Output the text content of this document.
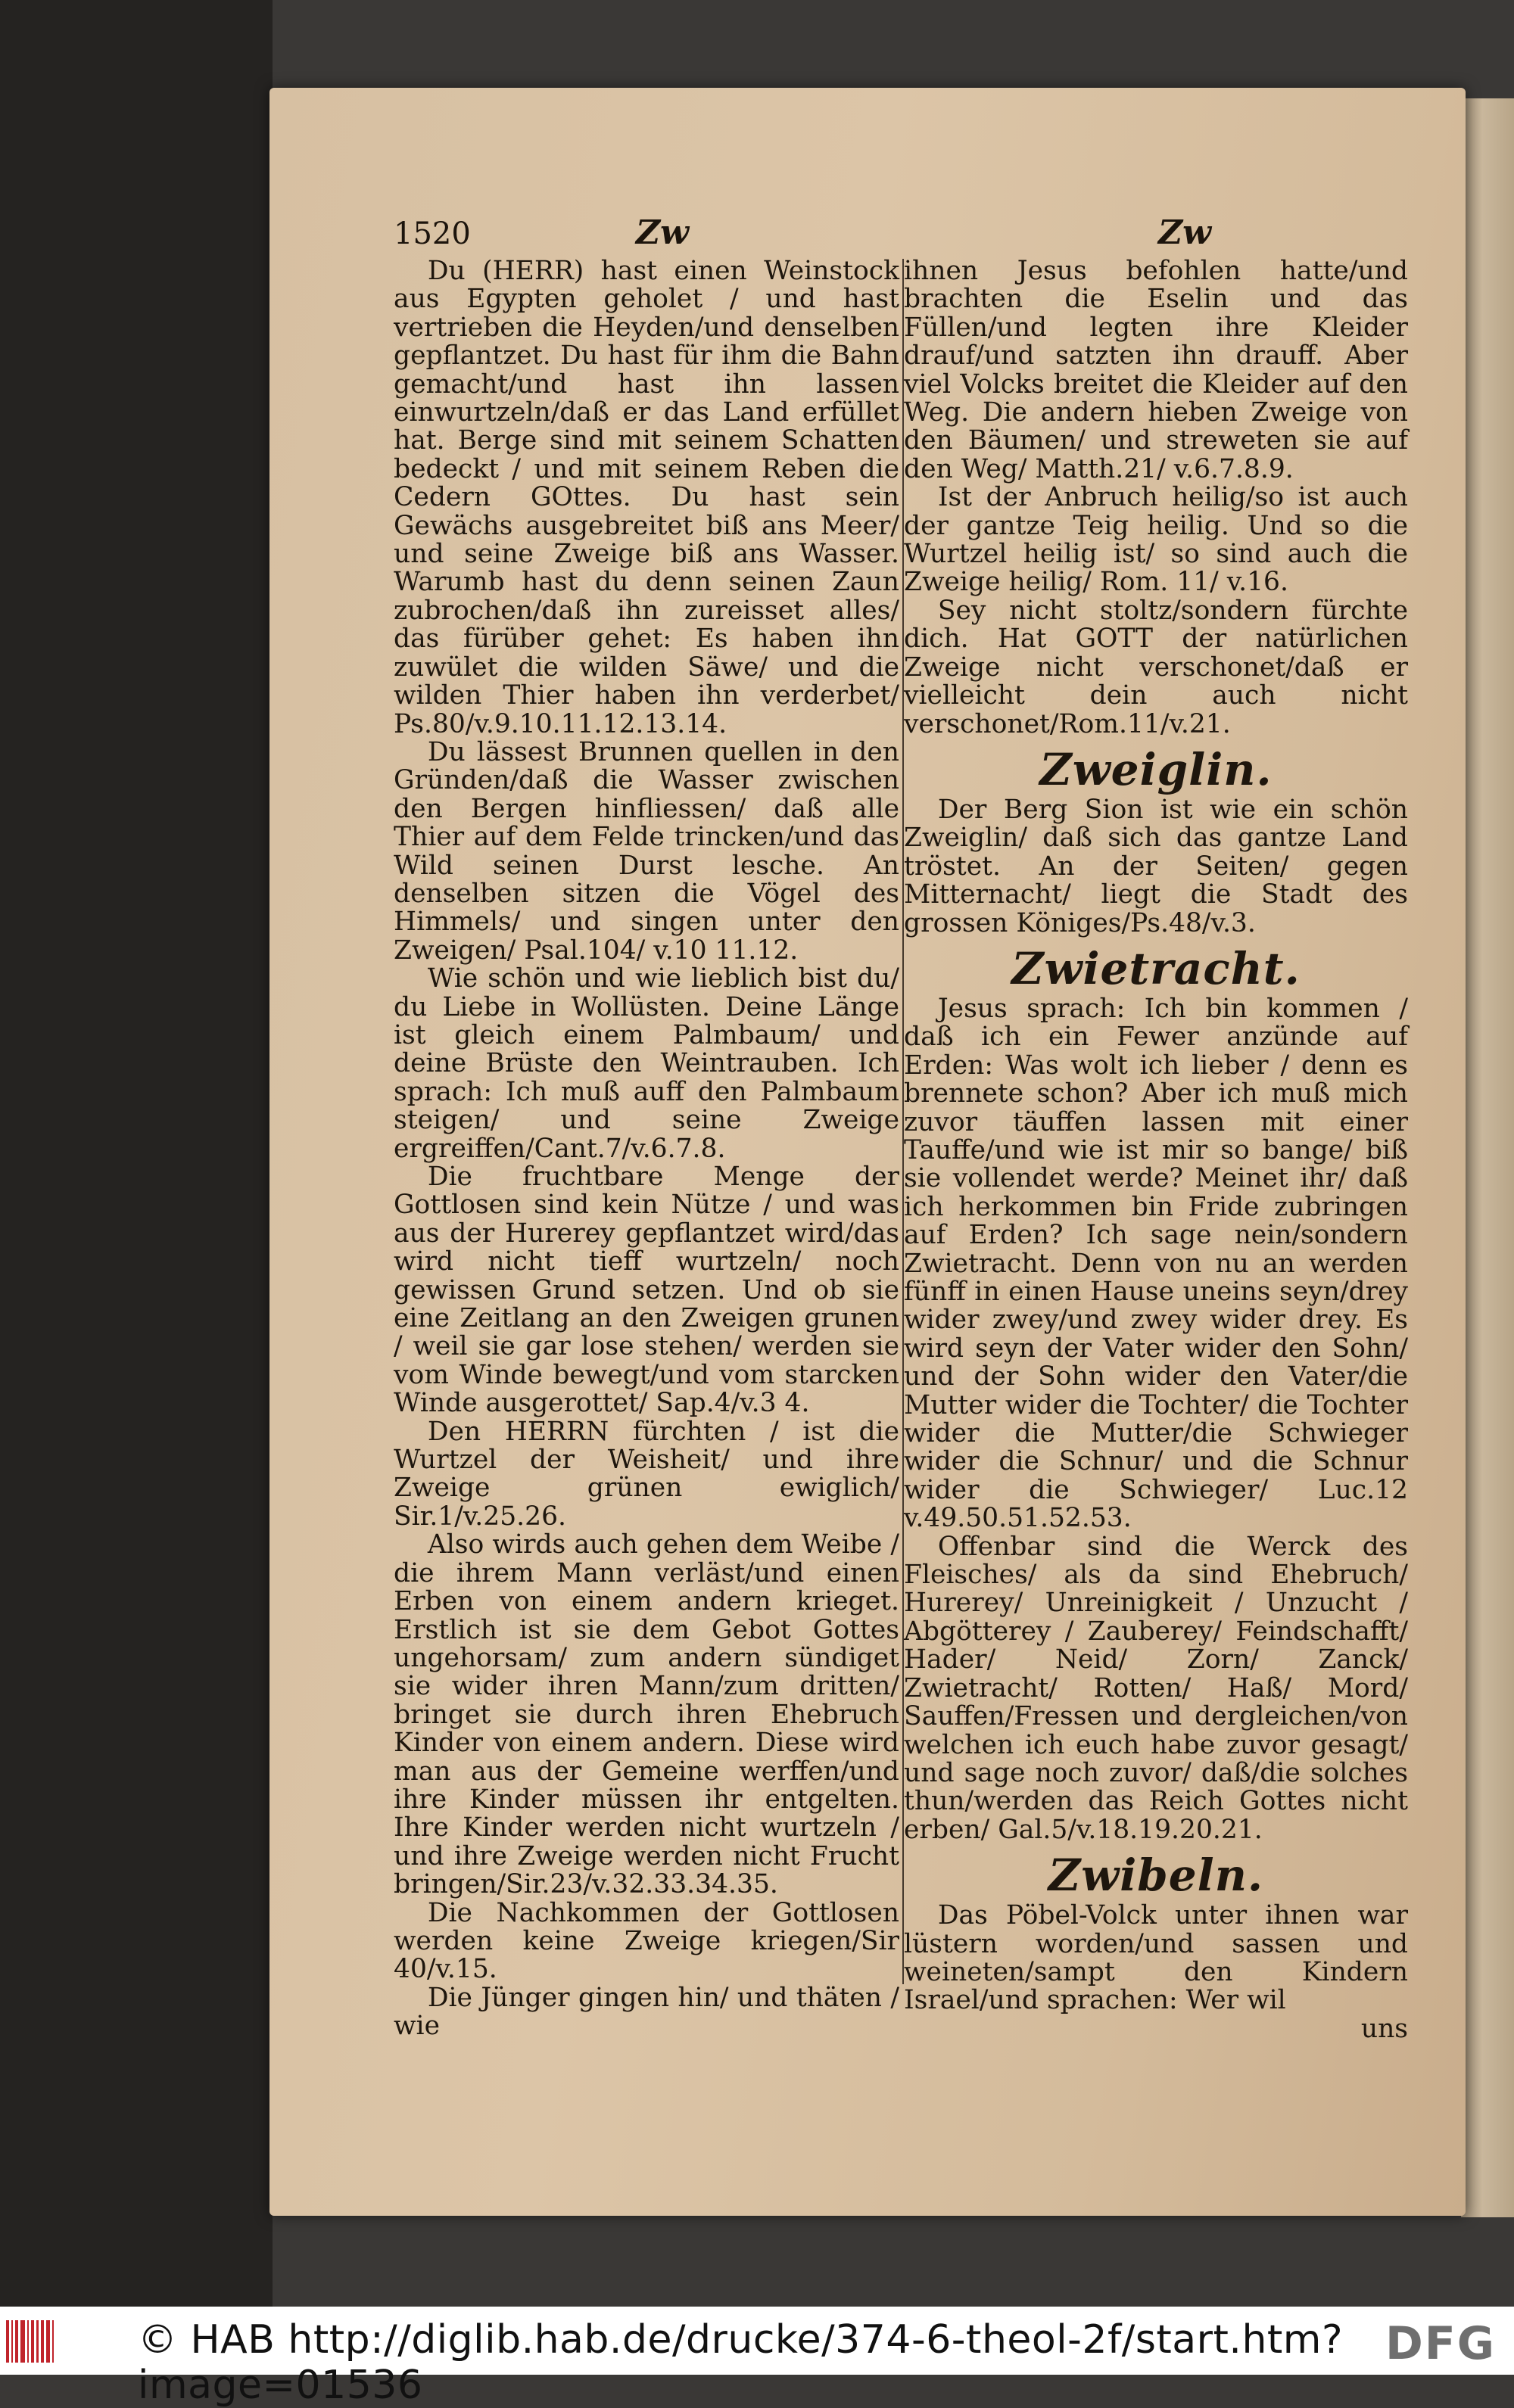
1520	Zw	Zw

Du (HERR) hast einen Weinstock aus Egypten geholet / und hast vertrieben die Heyden/und denselben gepflantzet. Du hast für ihm die Bahn gemacht/und hast ihn lassen einwurtzeln/daß er das Land erfüllet hat. Berge sind mit seinem Schatten bedeckt / und mit seinem Reben die Cedern GOttes. Du hast sein Gewächs ausgebreitet biß ans Meer/ und seine Zweige biß ans Wasser. Warumb hast du denn seinen Zaun zubrochen/daß ihn zureisset alles/ das fürüber gehet: Es haben ihn zuwület die wilden Säwe/ und die wilden Thier haben ihn verderbet/ Ps.80/v.9.10.11.12.13.14.

Du lässest Brunnen quellen in den Gründen/daß die Wasser zwischen den Bergen hinfliessen/ daß alle Thier auf dem Felde trincken/und das Wild seinen Durst lesche. An denselben sitzen die Vögel des Himmels/ und singen unter den Zweigen/ Psal.104/ v.10 11.12.

Wie schön und wie lieblich bist du/ du Liebe in Wollüsten. Deine Länge ist gleich einem Palmbaum/ und deine Brüste den Weintrauben. Ich sprach: Ich muß auff den Palmbaum steigen/ und seine Zweige ergreiffen/Cant.7/v.6.7.8.

Die fruchtbare Menge der Gottlosen sind kein Nütze / und was aus der Hurerey gepflantzet wird/das wird nicht tieff wurtzeln/ noch gewissen Grund setzen. Und ob sie eine Zeitlang an den Zweigen grunen / weil sie gar lose stehen/ werden sie vom Winde bewegt/und vom starcken Winde ausgerottet/ Sap.4/v.3 4.

Den HERRN fürchten / ist die Wurtzel der Weisheit/ und ihre Zweige grünen ewiglich/ Sir.1/v.25.26.

Also wirds auch gehen dem Weibe / die ihrem Mann verläst/und einen Erben von einem andern krieget. Erstlich ist sie dem Gebot Gottes ungehorsam/ zum andern sündiget sie wider ihren Mann/zum dritten/ bringet sie durch ihren Ehebruch Kinder von einem andern. Diese wird man aus der Gemeine werffen/und ihre Kinder müssen ihr entgelten. Ihre Kinder werden nicht wurtzeln / und ihre Zweige werden nicht Frucht bringen/Sir.23/v.32.33.34.35.

Die Nachkommen der Gottlosen werden keine Zweige kriegen/Sir 40/v.15.

Die Jünger gingen hin/ und thäten / wie

ihnen Jesus befohlen hatte/und brachten die Eselin und das Füllen/und legten ihre Kleider drauf/und satzten ihn drauff. Aber viel Volcks breitet die Kleider auf den Weg. Die andern hieben Zweige von den Bäumen/ und streweten sie auf den Weg/ Matth.21/ v.6.7.8.9.

Ist der Anbruch heilig/so ist auch der gantze Teig heilig. Und so die Wurtzel heilig ist/ so sind auch die Zweige heilig/ Rom. 11/ v.16.

Sey nicht stoltz/sondern fürchte dich. Hat GOTT der natürlichen Zweige nicht verschonet/daß er vielleicht dein auch nicht verschonet/Rom.11/v.21.

Zweiglin.

Der Berg Sion ist wie ein schön Zweiglin/ daß sich das gantze Land tröstet. An der Seiten/ gegen Mitternacht/ liegt die Stadt des grossen Königes/Ps.48/v.3.

Zwietracht.

Jesus sprach: Ich bin kommen / daß ich ein Fewer anzünde auf Erden: Was wolt ich lieber / denn es brennete schon? Aber ich muß mich zuvor täuffen lassen mit einer Tauffe/und wie ist mir so bange/ biß sie vollendet werde? Meinet ihr/ daß ich herkommen bin Fride zubringen auf Erden? Ich sage nein/sondern Zwietracht. Denn von nu an werden fünff in einen Hause uneins seyn/drey wider zwey/und zwey wider drey. Es wird seyn der Vater wider den Sohn/ und der Sohn wider den Vater/die Mutter wider die Tochter/ die Tochter wider die Mutter/die Schwieger wider die Schnur/ und die Schnur wider die Schwieger/ Luc.12 v.49.50.51.52.53.

Offenbar sind die Werck des Fleisches/ als da sind Ehebruch/ Hurerey/ Unreinigkeit / Unzucht / Abgötterey / Zauberey/ Feindschafft/ Hader/ Neid/ Zorn/ Zanck/ Zwietracht/ Rotten/ Haß/ Mord/ Sauffen/Fressen und dergleichen/von welchen ich euch habe zuvor gesagt/ und sage noch zuvor/ daß/die solches thun/werden das Reich Gottes nicht erben/ Gal.5/v.18.19.20.21.

Zwibeln.

Das Pöbel-Volck unter ihnen war lüstern worden/und sassen und weineten/sampt den Kindern Israel/und sprachen: Wer wil

uns

© HAB http://diglib.hab.de/drucke/374-6-theol-2f/start.htm?image=01536
DFG
